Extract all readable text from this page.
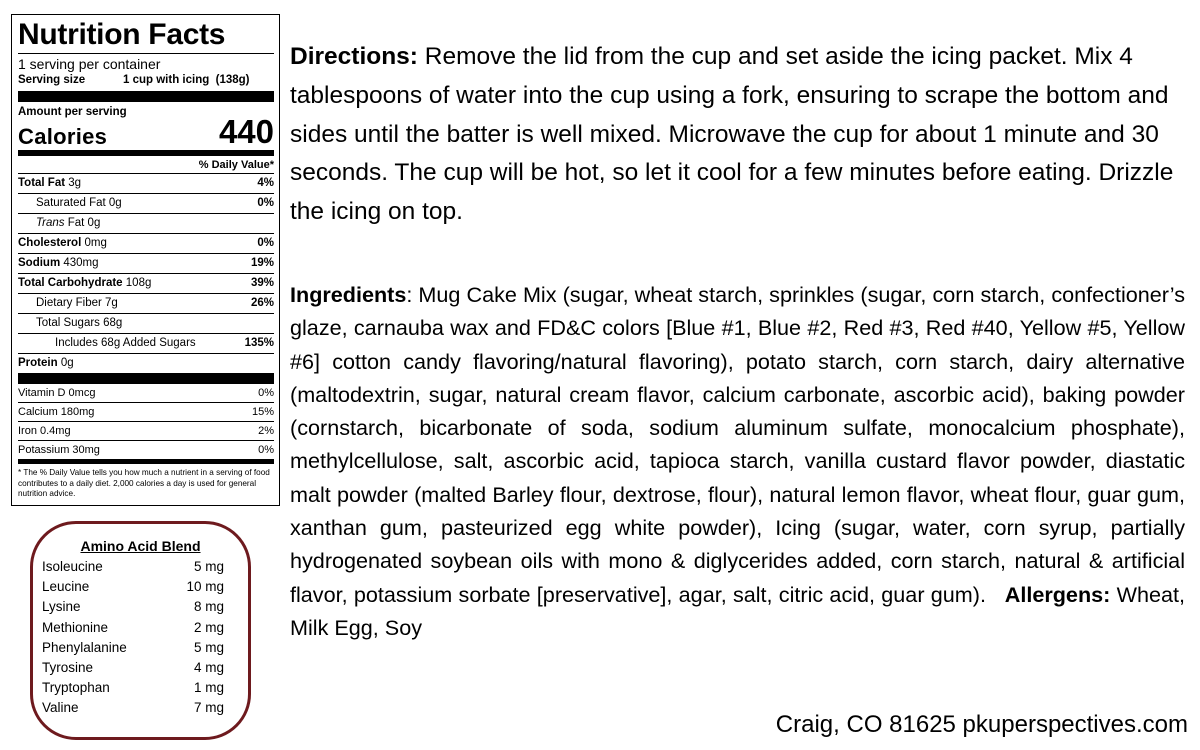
Nutrition Facts
1 serving per container
Serving size	1 cup with icing  (138g)
Amount per serving
Calories	440
% Daily Value*
Total Fat 3g	4%
Saturated Fat 0g	0%
Trans Fat 0g
Cholesterol 0mg	0%
Sodium 430mg	19%
Total Carbohydrate 108g	39%
Dietary Fiber 7g	26%
Total Sugars 68g
Includes 68g Added Sugars	135%
Protein 0g
Vitamin D 0mcg	0%
Calcium 180mg	15%
Iron 0.4mg	2%
Potassium 30mg	0%
* The % Daily Value tells you how much a nutrient in a serving of food contributes to a daily diet. 2,000 calories a day is used for general nutrition advice.
Amino Acid Blend
Isoleucine	5 mg
Leucine	10 mg
Lysine	8 mg
Methionine	2 mg
Phenylalanine	5 mg
Tyrosine	4 mg
Tryptophan	1 mg
Valine	7 mg
Directions: Remove the lid from the cup and set aside the icing packet. Mix 4 tablespoons of water into the cup using a fork, ensuring to scrape the bottom and sides until the batter is well mixed. Microwave the cup for about 1 minute and 30 seconds. The cup will be hot, so let it cool for a few minutes before eating. Drizzle the icing on top.
Ingredients: Mug Cake Mix (sugar, wheat starch, sprinkles (sugar, corn starch, confectioner’s glaze, carnauba wax and FD&C colors [Blue #1, Blue #2, Red #3, Red #40, Yellow #5, Yellow #6] cotton candy flavoring/natural flavoring), potato starch, corn starch, dairy alternative (maltodextrin, sugar, natural cream flavor, calcium carbonate, ascorbic acid), baking powder (cornstarch, bicarbonate of soda, sodium aluminum sulfate, monocalcium phosphate), methylcellulose, salt, ascorbic acid, tapioca starch, vanilla custard flavor powder, diastatic malt powder (malted Barley flour, dextrose, flour), natural lemon flavor, wheat flour, guar gum, xanthan gum, pasteurized egg white powder), Icing (sugar, water, corn syrup, partially hydrogenated soybean oils with mono & diglycerides added, corn starch, natural & artificial flavor, potassium sorbate [preservative], agar, salt, citric acid, guar gum). Allergens: Wheat, Milk Egg, Soy
Craig, CO 81625 pkuperspectives.com
